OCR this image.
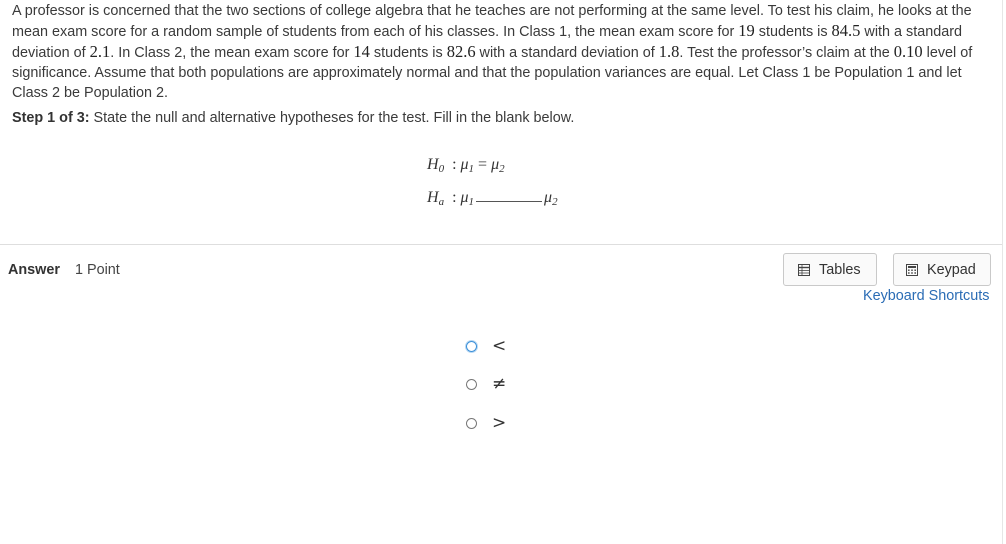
A professor is concerned that the two sections of college algebra that he teaches are not performing at the same level. To test his claim, he looks at the mean exam score for a random sample of students from each of his classes. In Class 1, the mean exam score for 19 students is 84.5 with a standard deviation of 2.1. In Class 2, the mean exam score for 14 students is 82.6 with a standard deviation of 1.8. Test the professor’s claim at the 0.10 level of significance. Assume that both populations are approximately normal and that the population variances are equal. Let Class 1 be Population 1 and let Class 2 be Population 2.
Step 1 of 3: State the null and alternative hypotheses for the test. Fill in the blank below.
$H_0$ : $\mu_1 = \mu_2$
$H_a$ : $\mu_1$	$\mu_2$
Answer 1 Point	Tables	Keypad
Keyboard Shortcuts
<
≠
>
